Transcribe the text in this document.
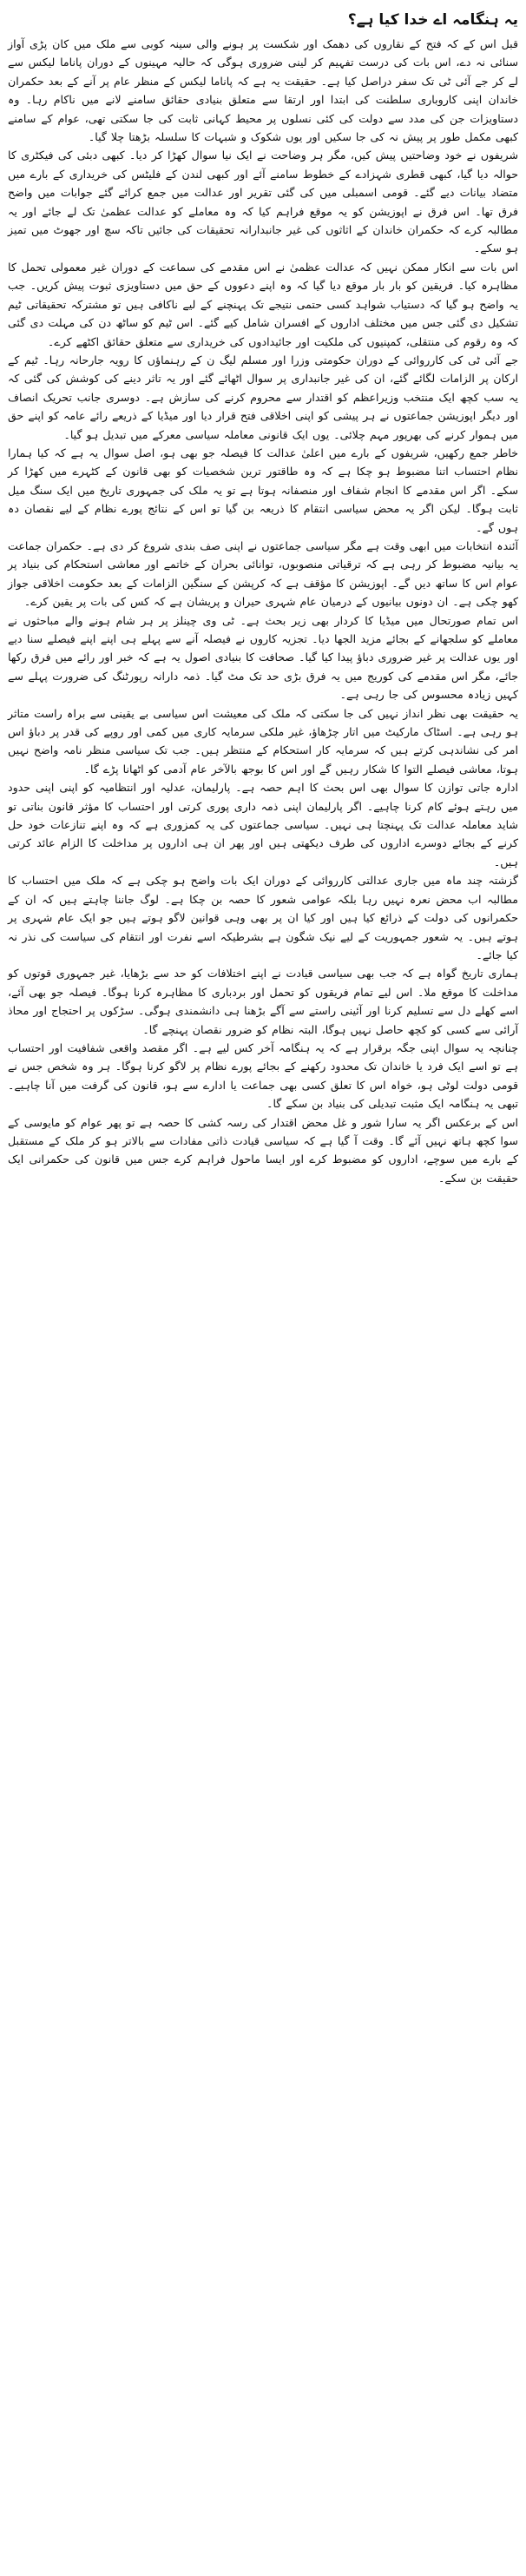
یہ ہنگامہ اے خدا کیا ہے؟

قبل اس کے کہ فتح کے نقاروں کی دھمک اور شکست پر ہونے والی سینہ کوبی سے ملک میں کان پڑی آواز سنائی نہ دے، اس بات کی درست تفہیم کر لینی ضروری ہوگی کہ حالیہ مہینوں کے دوران پاناما لیکس سے لے کر جے آئی ٹی تک سفر دراصل کیا ہے۔ حقیقت یہ ہے کہ پاناما لیکس کے منظر عام پر آنے کے بعد حکمران خاندان اپنی کاروباری سلطنت کی ابتدا اور ارتقا سے متعلق بنیادی حقائق سامنے لانے میں ناکام رہا۔ وہ دستاویزات جن کی مدد سے دولت کی کئی نسلوں پر محیط کہانی ثابت کی جا سکتی تھی، عوام کے سامنے کبھی مکمل طور پر پیش نہ کی جا سکیں اور یوں شکوک و شبہات کا سلسلہ بڑھتا چلا گیا۔

شریفوں نے خود وضاحتیں پیش کیں، مگر ہر وضاحت نے ایک نیا سوال کھڑا کر دیا۔ کبھی دبئی کی فیکٹری کا حوالہ دیا گیا، کبھی قطری شہزادے کے خطوط سامنے آئے اور کبھی لندن کے فلیٹس کی خریداری کے بارے میں متضاد بیانات دیے گئے۔ قومی اسمبلی میں کی گئی تقریر اور عدالت میں جمع کرائے گئے جوابات میں واضح فرق تھا۔ اس فرق نے اپوزیشن کو یہ موقع فراہم کیا کہ وہ معاملے کو عدالت عظمیٰ تک لے جائے اور یہ مطالبہ کرے کہ حکمران خاندان کے اثاثوں کی غیر جانبدارانہ تحقیقات کی جائیں تاکہ سچ اور جھوٹ میں تمیز ہو سکے۔

اس بات سے انکار ممکن نہیں کہ عدالت عظمیٰ نے اس مقدمے کی سماعت کے دوران غیر معمولی تحمل کا مظاہرہ کیا۔ فریقین کو بار بار موقع دیا گیا کہ وہ اپنے دعووں کے حق میں دستاویزی ثبوت پیش کریں۔ جب یہ واضح ہو گیا کہ دستیاب شواہد کسی حتمی نتیجے تک پہنچنے کے لیے ناکافی ہیں تو مشترکہ تحقیقاتی ٹیم تشکیل دی گئی جس میں مختلف اداروں کے افسران شامل کیے گئے۔ اس ٹیم کو ساٹھ دن کی مہلت دی گئی کہ وہ رقوم کی منتقلی، کمپنیوں کی ملکیت اور جائیدادوں کی خریداری سے متعلق حقائق اکٹھے کرے۔

جے آئی ٹی کی کارروائی کے دوران حکومتی وزرا اور مسلم لیگ ن کے رہنماؤں کا رویہ جارحانہ رہا۔ ٹیم کے ارکان پر الزامات لگائے گئے، ان کی غیر جانبداری پر سوال اٹھائے گئے اور یہ تاثر دینے کی کوشش کی گئی کہ یہ سب کچھ ایک منتخب وزیراعظم کو اقتدار سے محروم کرنے کی سازش ہے۔ دوسری جانب تحریک انصاف اور دیگر اپوزیشن جماعتوں نے ہر پیشی کو اپنی اخلاقی فتح قرار دیا اور میڈیا کے ذریعے رائے عامہ کو اپنے حق میں ہموار کرنے کی بھرپور مہم چلائی۔ یوں ایک قانونی معاملہ سیاسی معرکے میں تبدیل ہو گیا۔

خاطر جمع رکھیں، شریفوں کے بارے میں اعلیٰ عدالت کا فیصلہ جو بھی ہو، اصل سوال یہ ہے کہ کیا ہمارا نظام احتساب اتنا مضبوط ہو چکا ہے کہ وہ طاقتور ترین شخصیات کو بھی قانون کے کٹہرے میں کھڑا کر سکے۔ اگر اس مقدمے کا انجام شفاف اور منصفانہ ہوتا ہے تو یہ ملک کی جمہوری تاریخ میں ایک سنگ میل ثابت ہوگا۔ لیکن اگر یہ محض سیاسی انتقام کا ذریعہ بن گیا تو اس کے نتائج پورے نظام کے لیے نقصان دہ ہوں گے۔

آئندہ انتخابات میں ابھی وقت ہے مگر سیاسی جماعتوں نے اپنی صف بندی شروع کر دی ہے۔ حکمران جماعت یہ بیانیہ مضبوط کر رہی ہے کہ ترقیاتی منصوبوں، توانائی بحران کے خاتمے اور معاشی استحکام کی بنیاد پر عوام اس کا ساتھ دیں گے۔ اپوزیشن کا مؤقف ہے کہ کرپشن کے سنگین الزامات کے بعد حکومت اخلاقی جواز کھو چکی ہے۔ ان دونوں بیانیوں کے درمیان عام شہری حیران و پریشان ہے کہ کس کی بات پر یقین کرے۔

اس تمام صورتحال میں میڈیا کا کردار بھی زیر بحث ہے۔ ٹی وی چینلز پر ہر شام ہونے والے مباحثوں نے معاملے کو سلجھانے کے بجائے مزید الجھا دیا۔ تجزیہ کاروں نے فیصلہ آنے سے پہلے ہی اپنے اپنے فیصلے سنا دیے اور یوں عدالت پر غیر ضروری دباؤ پیدا کیا گیا۔ صحافت کا بنیادی اصول یہ ہے کہ خبر اور رائے میں فرق رکھا جائے، مگر اس مقدمے کی کوریج میں یہ فرق بڑی حد تک مٹ گیا۔ ذمہ دارانہ رپورٹنگ کی ضرورت پہلے سے کہیں زیادہ محسوس کی جا رہی ہے۔

یہ حقیقت بھی نظر انداز نہیں کی جا سکتی کہ ملک کی معیشت اس سیاسی بے یقینی سے براہ راست متاثر ہو رہی ہے۔ اسٹاک مارکیٹ میں اتار چڑھاؤ، غیر ملکی سرمایہ کاری میں کمی اور روپے کی قدر پر دباؤ اس امر کی نشاندہی کرتے ہیں کہ سرمایہ کار استحکام کے منتظر ہیں۔ جب تک سیاسی منظر نامہ واضح نہیں ہوتا، معاشی فیصلے التوا کا شکار رہیں گے اور اس کا بوجھ بالآخر عام آدمی کو اٹھانا پڑے گا۔

ادارہ جاتی توازن کا سوال بھی اس بحث کا اہم حصہ ہے۔ پارلیمان، عدلیہ اور انتظامیہ کو اپنی اپنی حدود میں رہتے ہوئے کام کرنا چاہیے۔ اگر پارلیمان اپنی ذمہ داری پوری کرتی اور احتساب کا مؤثر قانون بناتی تو شاید معاملہ عدالت تک پہنچتا ہی نہیں۔ سیاسی جماعتوں کی یہ کمزوری ہے کہ وہ اپنے تنازعات خود حل کرنے کے بجائے دوسرے اداروں کی طرف دیکھتی ہیں اور پھر ان ہی اداروں پر مداخلت کا الزام عائد کرتی ہیں۔

گزشتہ چند ماہ میں جاری عدالتی کارروائی کے دوران ایک بات واضح ہو چکی ہے کہ ملک میں احتساب کا مطالبہ اب محض نعرہ نہیں رہا بلکہ عوامی شعور کا حصہ بن چکا ہے۔ لوگ جاننا چاہتے ہیں کہ ان کے حکمرانوں کی دولت کے ذرائع کیا ہیں اور کیا ان پر بھی وہی قوانین لاگو ہوتے ہیں جو ایک عام شہری پر ہوتے ہیں۔ یہ شعور جمہوریت کے لیے نیک شگون ہے بشرطیکہ اسے نفرت اور انتقام کی سیاست کی نذر نہ کیا جائے۔

ہماری تاریخ گواہ ہے کہ جب بھی سیاسی قیادت نے اپنے اختلافات کو حد سے بڑھایا، غیر جمہوری قوتوں کو مداخلت کا موقع ملا۔ اس لیے تمام فریقوں کو تحمل اور بردباری کا مظاہرہ کرنا ہوگا۔ فیصلہ جو بھی آئے، اسے کھلے دل سے تسلیم کرنا اور آئینی راستے سے آگے بڑھنا ہی دانشمندی ہوگی۔ سڑکوں پر احتجاج اور محاذ آرائی سے کسی کو کچھ حاصل نہیں ہوگا، البتہ نظام کو ضرور نقصان پہنچے گا۔

چنانچہ یہ سوال اپنی جگہ برقرار ہے کہ یہ ہنگامہ آخر کس لیے ہے۔ اگر مقصد واقعی شفافیت اور احتساب ہے تو اسے ایک فرد یا خاندان تک محدود رکھنے کے بجائے پورے نظام پر لاگو کرنا ہوگا۔ ہر وہ شخص جس نے قومی دولت لوٹی ہو، خواہ اس کا تعلق کسی بھی جماعت یا ادارے سے ہو، قانون کی گرفت میں آنا چاہیے۔ تبھی یہ ہنگامہ ایک مثبت تبدیلی کی بنیاد بن سکے گا۔

اس کے برعکس اگر یہ سارا شور و غل محض اقتدار کی رسہ کشی کا حصہ ہے تو پھر عوام کو مایوسی کے سوا کچھ ہاتھ نہیں آئے گا۔ وقت آ گیا ہے کہ سیاسی قیادت ذاتی مفادات سے بالاتر ہو کر ملک کے مستقبل کے بارے میں سوچے، اداروں کو مضبوط کرے اور ایسا ماحول فراہم کرے جس میں قانون کی حکمرانی ایک حقیقت بن سکے۔
